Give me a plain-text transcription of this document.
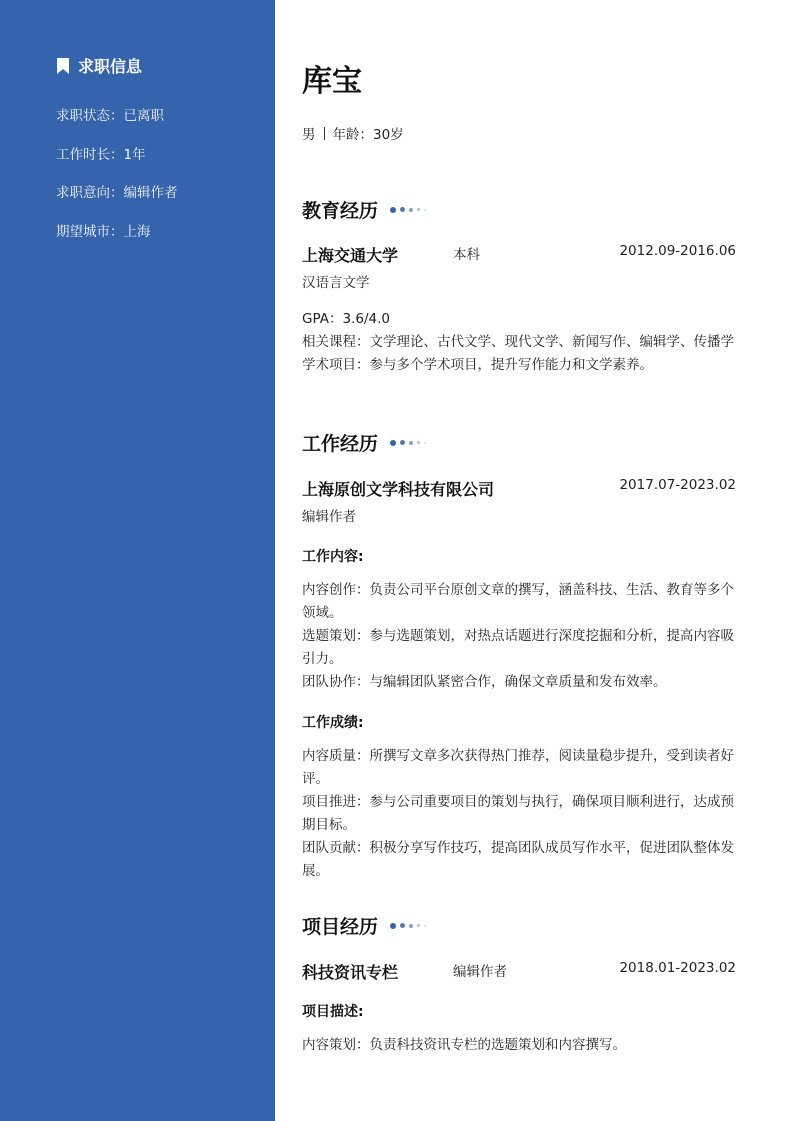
求职信息
求职状态：已离职
工作时长：1年
求职意向：编辑作者
期望城市：上海
库宝
男 年龄：30岁
教育经历
上海交通大学	本科	2012.09-2016.06
汉语言文学

GPA：3.6/4.0

相关课程：文学理论、古代文学、现代文学、新闻写作、编辑学、传播学

学术项目：参与多个学术项目，提升写作能力和文学素养。

工作经历
上海原创文学科技有限公司	2017.07-2023.02
编辑作者
工作内容:

内容创作：负责公司平台原创文章的撰写，涵盖科技、生活、教育等多个领域。

选题策划：参与选题策划，对热点话题进行深度挖掘和分析，提高内容吸引力。

团队协作：与编辑团队紧密合作，确保文章质量和发布效率。

工作成绩:

内容质量：所撰写文章多次获得热门推荐，阅读量稳步提升，受到读者好评。

项目推进：参与公司重要项目的策划与执行，确保项目顺利进行，达成预期目标。

团队贡献：积极分享写作技巧，提高团队成员写作水平，促进团队整体发展。

项目经历
科技资讯专栏	编辑作者	2018.01-2023.02
项目描述:

内容策划：负责科技资讯专栏的选题策划和内容撰写。
